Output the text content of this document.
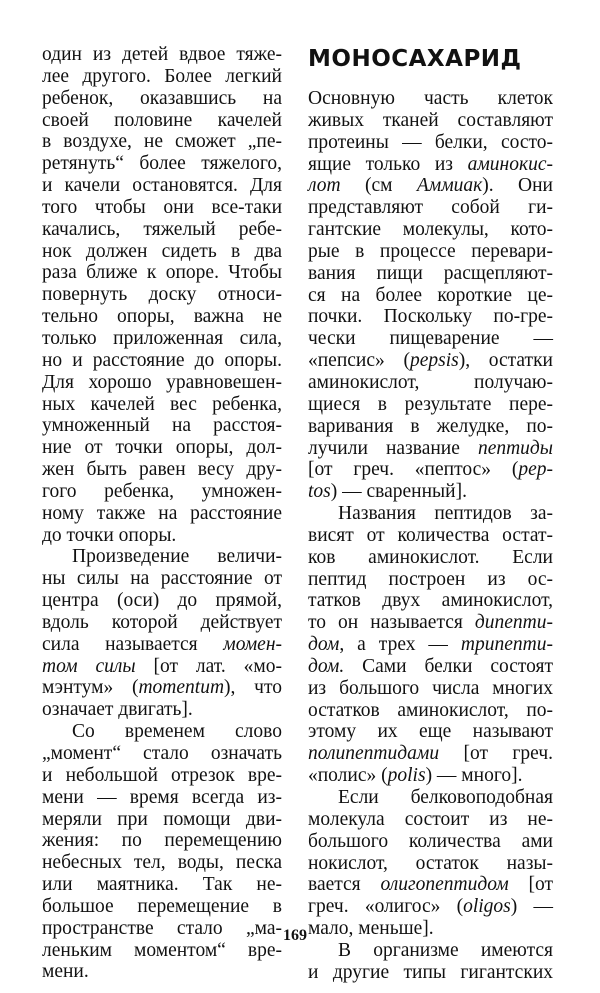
один из детей вдвое тяже-
лее другого. Более легкий
ребенок, оказавшись на
своей половине качелей
в воздухе, не сможет „пе-
ретянуть“ более тяжелого,
и качели остановятся. Для
того чтобы они все-таки
качались, тяжелый ребе-
нок должен сидеть в два
раза ближе к опоре. Чтобы
повернуть доску относи-
тельно опоры, важна не
только приложенная сила,
но и расстояние до опоры.
Для хорошо уравновешен-
ных качелей вес ребенка,
умноженный на расстоя-
ние от точки опоры, дол-
жен быть равен весу дру-
гого ребенка, умножен-
ному также на расстояние
до точки опоры.
Произведение величи-
ны силы на расстояние от
центра (оси) до прямой,
вдоль которой действует
сила называется момен-
том силы [от лат. «мо-
мэнтум» (momentum), что
означает двигать].
Со временем слово
„момент“ стало означать
и небольшой отрезок вре-
мени — время всегда из-
меряли при помощи дви-
жения: по перемещению
небесных тел, воды, песка
или маятника. Так не-
большое перемещение в
пространстве стало „ма-
леньким моментом“ вре-
мени.
МОНОСАХАРИД
Основную часть клеток
живых тканей составляют
протеины — белки, состо-
ящие только из аминокис-
лот (см Аммиак). Они
представляют собой ги-
гантские молекулы, кото-
рые в процессе перевари-
вания пищи расщепляют-
ся на более короткие це-
почки. Поскольку по-гре-
чески пищеварение —
«пепсис» (pepsis), остатки
аминокислот, получаю-
щиеся в результате пере-
варивания в желудке, по-
лучили название пептиды
[от греч. «пептос» (pep-
tos) — сваренный].
Названия пептидов за-
висят от количества остат-
ков аминокислот. Если
пептид построен из ос-
татков двух аминокислот,
то он называется дипепти-
дом, а трех — трипепти-
дом. Сами белки состоят
из большого числа многих
остатков аминокислот, по-
этому их еще называют
полипептидами [от греч.
«полис» (polis) — много].
Если белковоподобная
молекула состоит из не-
большого количества ами
нокислот, остаток назы-
вается олигопептидом [от
греч. «олигос» (oligos) —
мало, меньше].
В организме имеются
и другие типы гигантских
169
